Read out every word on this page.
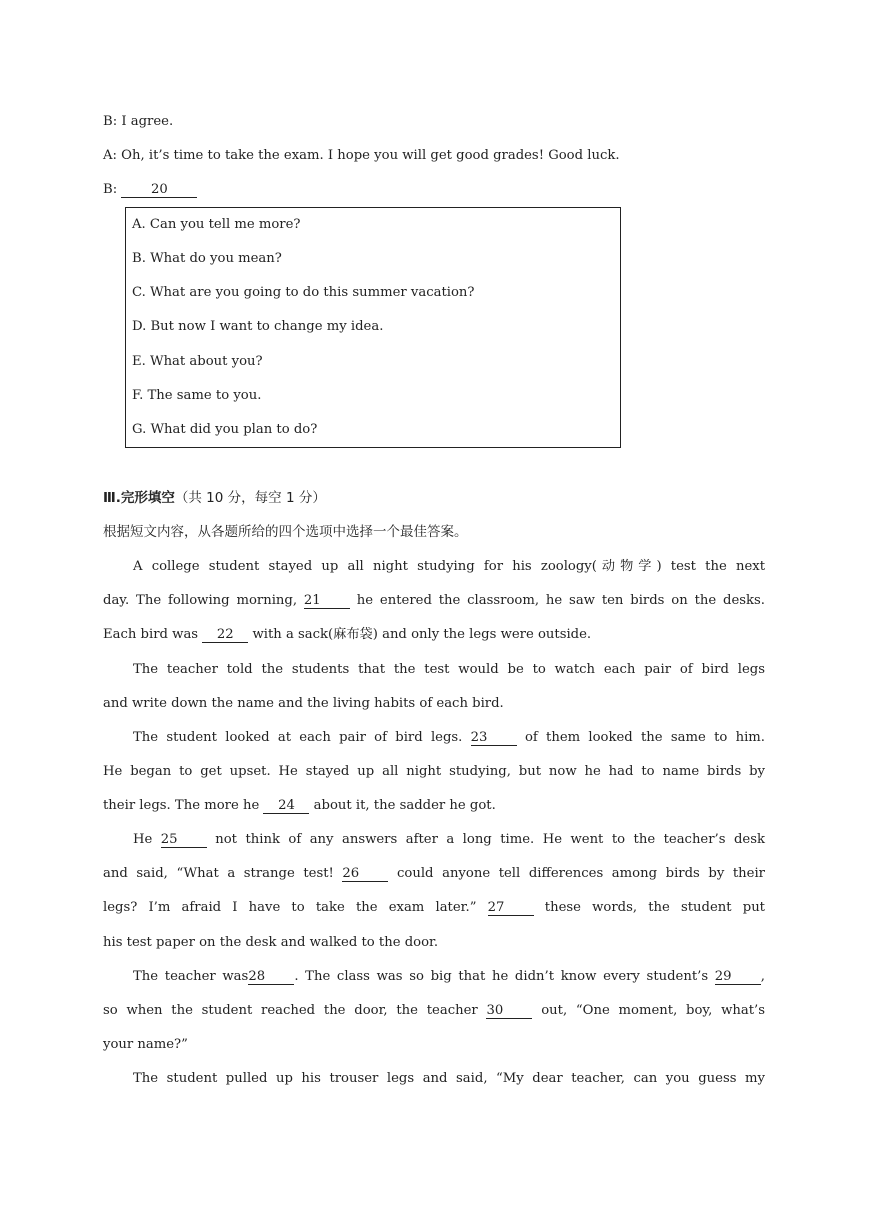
B: I agree.
A: Oh, it’s time to take the exam. I hope you will get good grades! Good luck.
B:	20
A. Can you tell me more?
B. What do you mean?
C. What are you going to do this summer vacation?
D. But now I want to change my idea.
E. What about you?
F. The same to you.
G. What did you plan to do?
Ⅲ.完形填空（共 10 分，每空 1 分）
根据短文内容，从各题所给的四个选项中选择一个最佳答案。
A college student stayed up all night studying for his zoology(动物学) test the next
day. The following morning, 21	he entered the classroom, he saw ten birds on the desks.
Each bird was 22 with a sack(麻布袋) and only the legs were outside.
The teacher told the students that the test would be to watch each pair of bird legs
and write down the name and the living habits of each bird.
The student looked at each pair of bird legs. 23	of them looked the same to him.
He began to get upset. He stayed up all night studying, but now he had to name birds by
their legs. The more he 24 about it, the sadder he got.
He 25	not think of any answers after a long time. He went to the teacher’s desk
and said, “What a strange test! 26	could anyone tell differences among birds by their
legs? I’m afraid I have to take the exam later.” 27	these words, the student put
his test paper on the desk and walked to the door.
The teacher was28 . The class was so big that he didn’t know every student’s 29 ,
so when the student reached the door, the teacher 30	out, “One moment, boy, what’s
your name?”
The student pulled up his trouser legs and said, “My dear teacher, can you guess my
